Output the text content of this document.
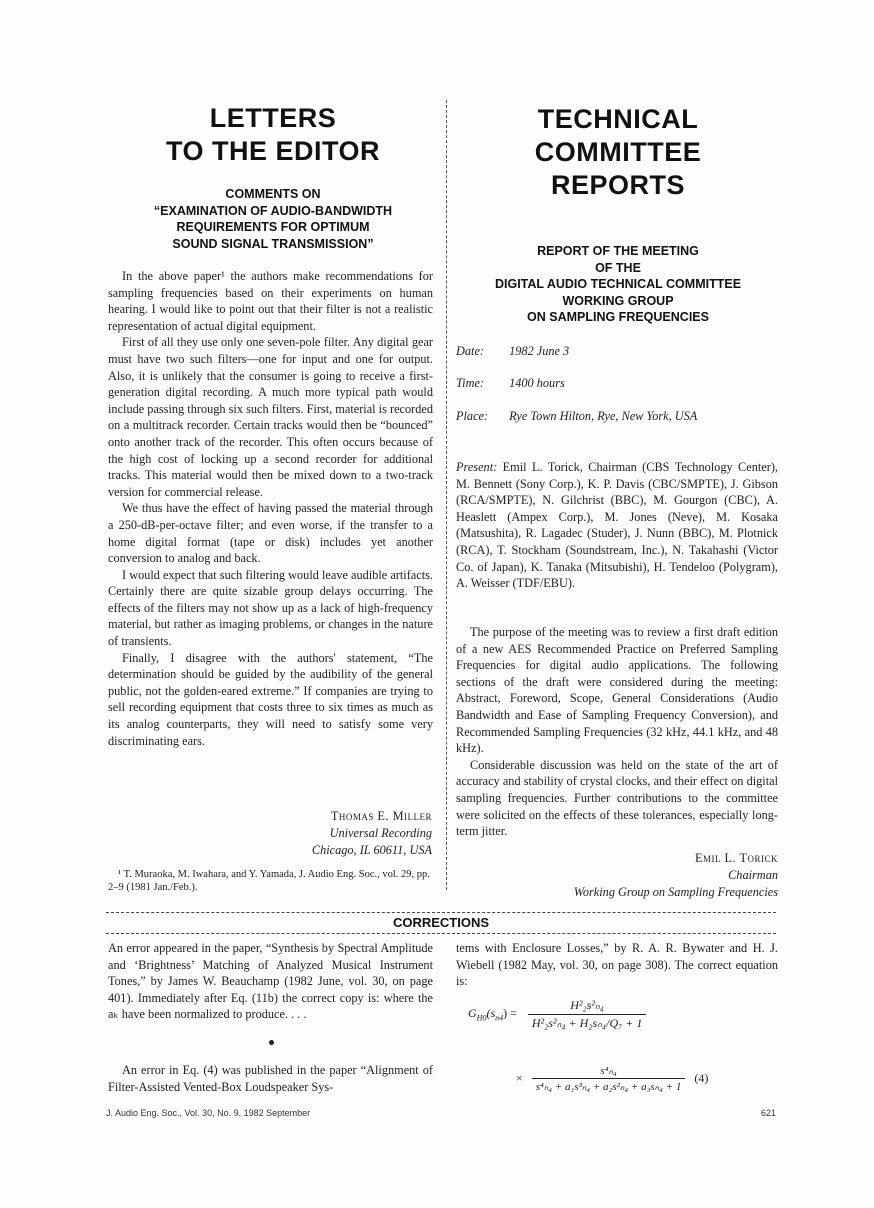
LETTERS
TO THE EDITOR
COMMENTS ON
“EXAMINATION OF AUDIO-BANDWIDTH
REQUIREMENTS FOR OPTIMUM
SOUND SIGNAL TRANSMISSION”

In the above paper¹ the authors make recommendations for sampling frequencies based on their experiments on human hearing. I would like to point out that their filter is not a realistic representation of actual digital equipment.

First of all they use only one seven-pole filter. Any digital gear must have two such filters—one for input and one for output. Also, it is unlikely that the consumer is going to receive a first-generation digital recording. A much more typical path would include passing through six such filters. First, material is recorded on a multitrack recorder. Certain tracks would then be “bounced” onto another track of the recorder. This often occurs because of the high cost of locking up a second recorder for additional tracks. This material would then be mixed down to a two-track version for commercial release.

We thus have the effect of having passed the material through a 250-dB-per-octave filter; and even worse, if the transfer to a home digital format (tape or disk) includes yet another conversion to analog and back.

I would expect that such filtering would leave audible artifacts. Certainly there are quite sizable group delays occurring. The effects of the filters may not show up as a lack of high-frequency material, but rather as imaging problems, or changes in the nature of transients.

Finally, I disagree with the authors' statement, “The determination should be guided by the audibility of the general public, not the golden-eared extreme.” If companies are trying to sell recording equipment that costs three to six times as much as its analog counterparts, they will need to satisfy some very discriminating ears.

Thomas E. Miller
Universal Recording
Chicago, IL 60611, USA
¹ T. Muraoka, M. Iwahara, and Y. Yamada, J. Audio Eng. Soc., vol. 29, pp. 2–9 (1981 Jan./Feb.).
TECHNICAL
COMMITTEE
REPORTS
REPORT OF THE MEETING
OF THE
DIGITAL AUDIO TECHNICAL COMMITTEE
WORKING GROUP
ON SAMPLING FREQUENCIES
Date: 1982 June 3
Time: 1400 hours
Place: Rye Town Hilton, Rye, New York, USA
Present: Emil L. Torick, Chairman (CBS Technology Center), M. Bennett (Sony Corp.), K. P. Davis (CBC/SMPTE), J. Gibson (RCA/SMPTE), N. Gilchrist (BBC), M. Gourgon (CBC), A. Heaslett (Ampex Corp.), M. Jones (Neve), M. Kosaka (Matsushita), R. Lagadec (Studer), J. Nunn (BBC), M. Plotnick (RCA), T. Stockham (Soundstream, Inc.), N. Takahashi (Victor Co. of Japan), K. Tanaka (Mitsubishi), H. Tendeloo (Polygram), A. Weisser (TDF/EBU).

The purpose of the meeting was to review a first draft edition of a new AES Recommended Practice on Preferred Sampling Frequencies for digital audio applications. The following sections of the draft were considered during the meeting: Abstract, Foreword, Scope, General Considerations (Audio Bandwidth and Ease of Sampling Frequency Conversion), and Recommended Sampling Frequencies (32 kHz, 44.1 kHz, and 48 kHz).

Considerable discussion was held on the state of the art of accuracy and stability of crystal clocks, and their effect on digital sampling frequencies. Further contributions to the committee were solicited on the effects of these tolerances, especially long-term jitter.

Emil L. Torick
Chairman
Working Group on Sampling Frequencies
CORRECTIONS
An error appeared in the paper, “Synthesis by Spectral Amplitude and ‘Brightness’ Matching of Analyzed Musical Instrument Tones,” by James W. Beauchamp (1982 June, vol. 30, on page 401). Immediately after Eq. (11b) the correct copy is: where the aₖ have been normalized to produce. . . .

An error in Eq. (4) was published in the paper “Alignment of Filter-Assisted Vented-Box Loudspeaker Sys-

tems with Enclosure Losses,” by R. A. R. Bywater and H. J. Wiebell (1982 May, vol. 30, on page 308). The correct equation is:
$G_{H0}(s_{n4}) = \frac{\text{H²₂s²ₙ₄}}{\text{H²₂s²ₙ₄ + H₂sₙ₄/Q₇ + 1}}$
× $\frac{\text{s⁴ₙ₄}}{\text{s⁴ₙ₄ + a₁s³ₙ₄ + a₂s²ₙ₄ + a₃sₙ₄ + 1}} (4)$
J. Audio Eng. Soc., Vol. 30, No. 9, 1982 September	621
